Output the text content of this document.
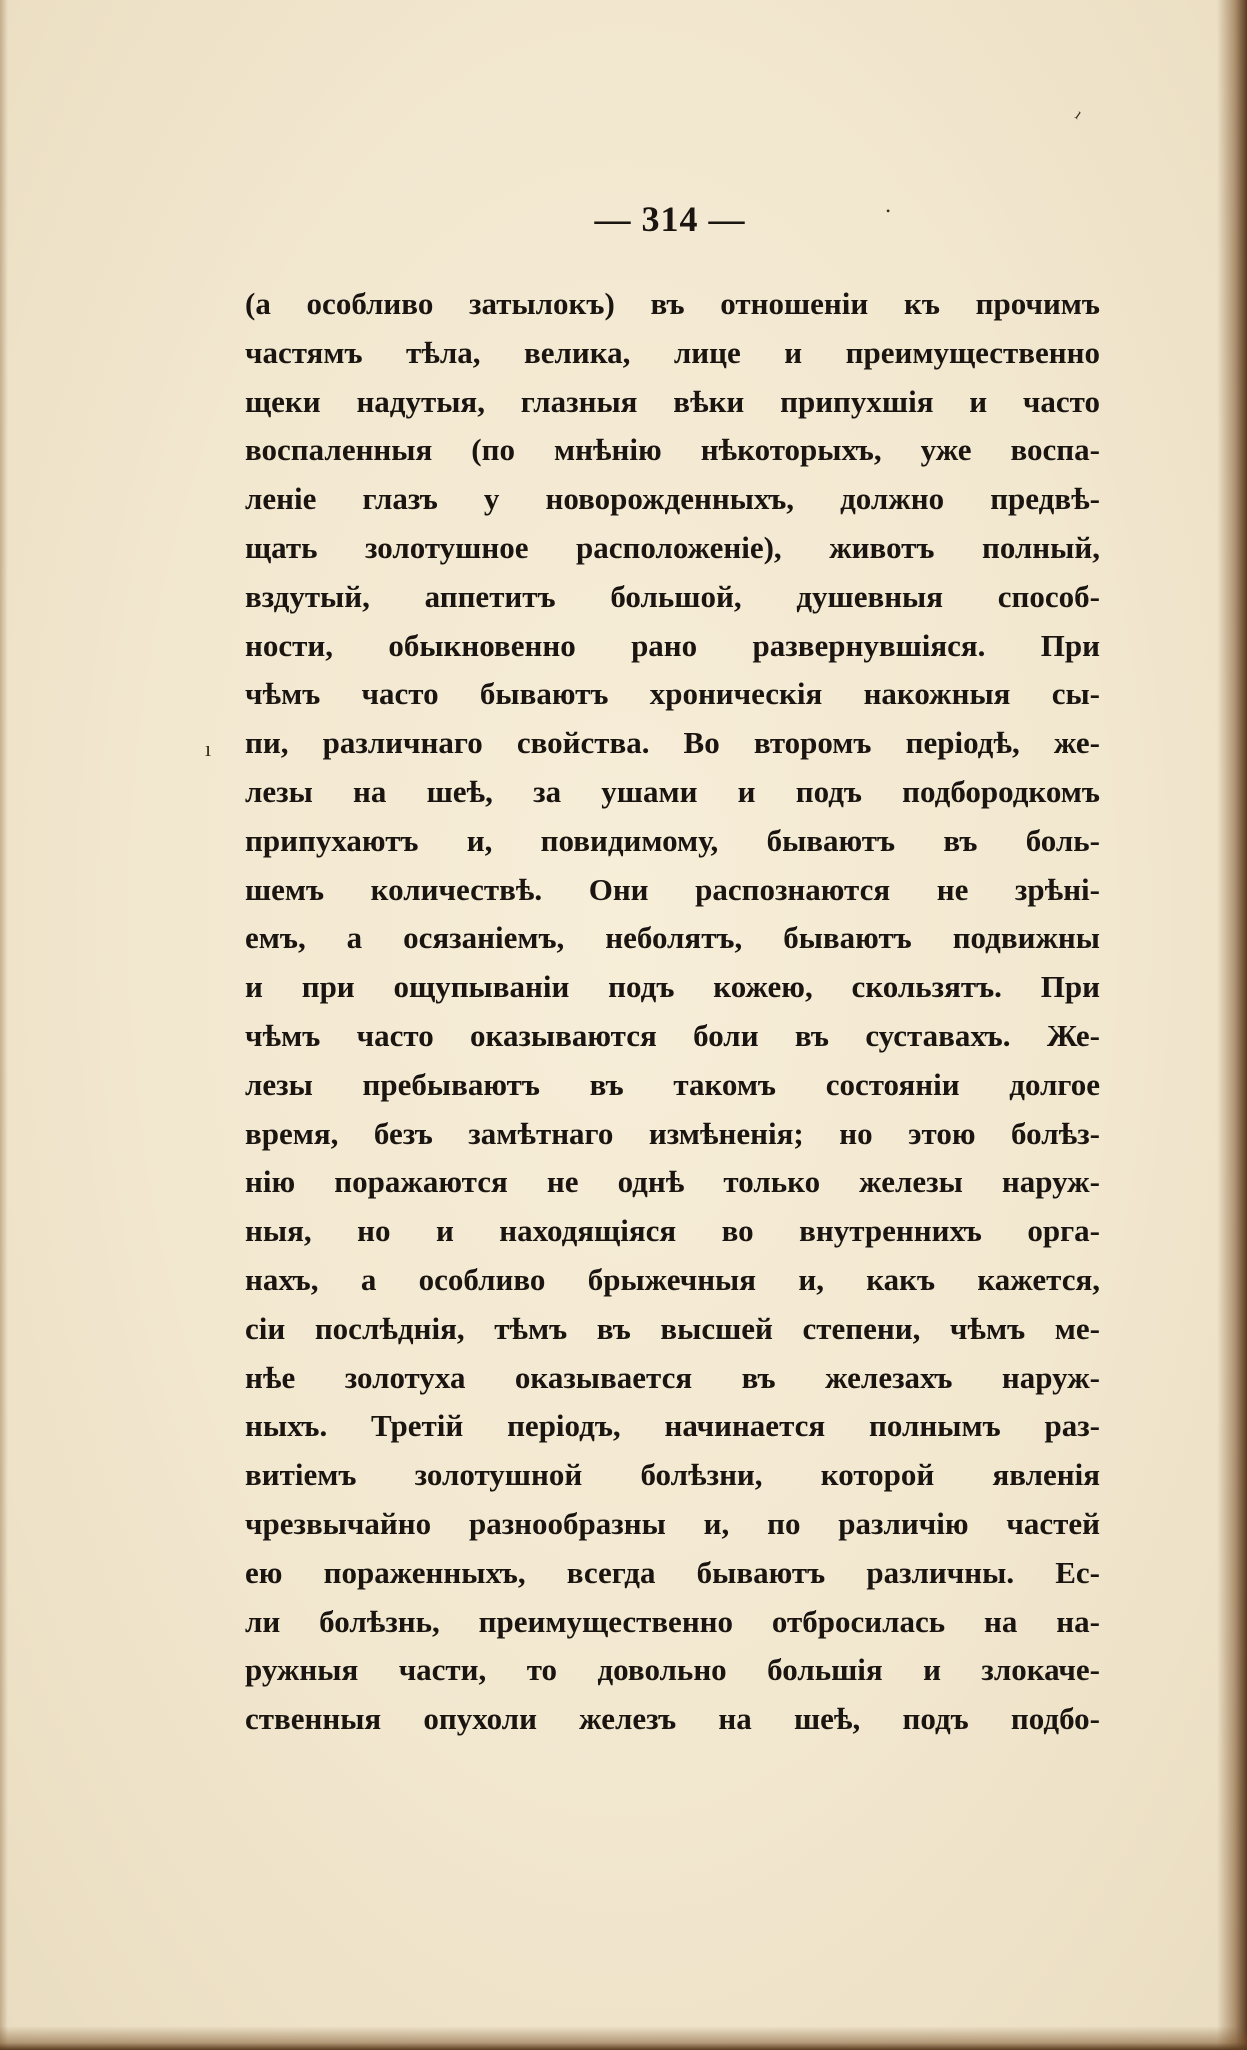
ı
•
ı
— 314 —
(а особливо затылокъ) въ отношенiи къ прочимъ
частямъ тѣла, велика, лице и преимущественно
щеки надутыя, глазныя вѣки припухшiя и часто
воспаленныя (по мнѣнiю нѣкоторыхъ, уже воспа-
ленiе глазъ у новорожденныхъ, должно предвѣ-
щать золотушное расположенiе), животъ полный,
вздутый, аппетитъ большой, душевныя способ-
ности, обыкновенно рано развернувшiяся. При
чѣмъ часто бываютъ хроническiя накожныя сы-
пи, различнаго свойства. Во второмъ перiодѣ, же-
лезы на шеѣ, за ушами и подъ подбородкомъ
припухаютъ и, повидимому, бываютъ въ боль-
шемъ количествѣ. Они распознаются не зрѣнi-
емъ, а осязанiемъ, неболятъ, бываютъ подвижны
и при ощупыванiи подъ кожею, скользятъ. При
чѣмъ часто оказываются боли въ суставахъ. Же-
лезы пребываютъ въ такомъ состоянiи долгое
время, безъ замѣтнаго измѣненiя; но этою болѣз-
нiю поражаются не однѣ только железы наруж-
ныя, но и находящiяся во внутреннихъ орга-
нахъ, а особливо брыжечныя и, какъ кажется,
сiи послѣднiя, тѣмъ въ высшей степени, чѣмъ ме-
нѣе золотуха оказывается въ железахъ наруж-
ныхъ. Третiй перiодъ, начинается полнымъ раз-
витiемъ золотушной болѣзни, которой явленiя
чрезвычайно разнообразны и, по различiю частей
ею пораженныхъ, всегда бываютъ различны. Ес-
ли болѣзнь, преимущественно отбросилась на на-
ружныя части, то довольно большiя и злокаче-
ственныя опухоли железъ на шеѣ, подъ подбо-
